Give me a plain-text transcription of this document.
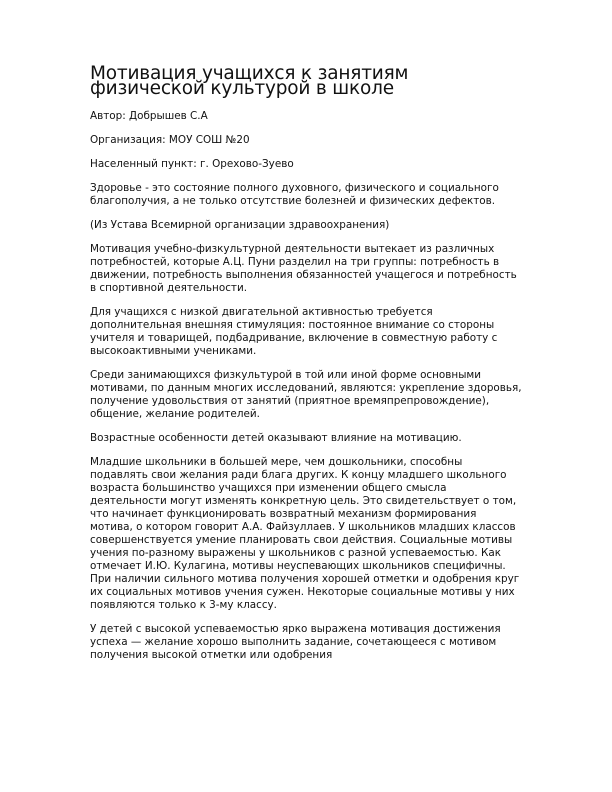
Мотивация учащихся к занятиям физической культурой в школе

Автор: Добрышев С.А

Организация: МОУ СОШ №20

Населенный пункт: г. Орехово-Зуево

Здоровье - это состояние полного духовного, физического и социального благополучия, а не только отсутствие болезней и физических дефектов.

(Из Устава Всемирной организации здравоохранения)

Мотивация учебно-физкультурной деятельности вытекает из различных потребностей, которые А.Ц. Пуни разделил на три группы: потребность в движении, потребность выполнения обязанностей учащегося и потребность в спортивной деятельности.

Для учащихся с низкой двигательной активностью требуется дополнительная внешняя стимуляция: постоянное внимание со стороны учителя и товарищей, подбадривание, включение в совместную работу с высокоактивными учениками.

Среди занимающихся физкультурой в той или иной форме основными мотивами, по данным многих исследований, являются: укрепление здоровья, получение удовольствия от занятий (приятное времяпрепровождение), общение, желание родителей.

Возрастные особенности детей оказывают влияние на мотивацию.

Младшие школьники в большей мере, чем дошкольники, способны подавлять свои желания ради блага других. К концу младшего школьного возраста большинство учащихся при изменении общего смысла деятельности могут изменять конкретную цель. Это свидетельствует о том, что начинает функционировать возвратный механизм формирования мотива, о котором говорит А.А. Файзуллаев. У школьников младших классов совершенствуется умение планировать свои действия. Социальные мотивы учения по-разному выражены у школьников с разной успеваемостью. Как отмечает И.Ю. Кулагина, мотивы неуспевающих школьников специфичны. При наличии сильного мотива получения хорошей отметки и одобрения круг их социальных мотивов учения сужен. Некоторые социальные мотивы у них появляются только к 3-му классу.

У детей с высокой успеваемостью ярко выражена мотивация достижения успеха — желание хорошо выполнить задание, сочетающееся с мотивом получения высокой отметки или одобрения
